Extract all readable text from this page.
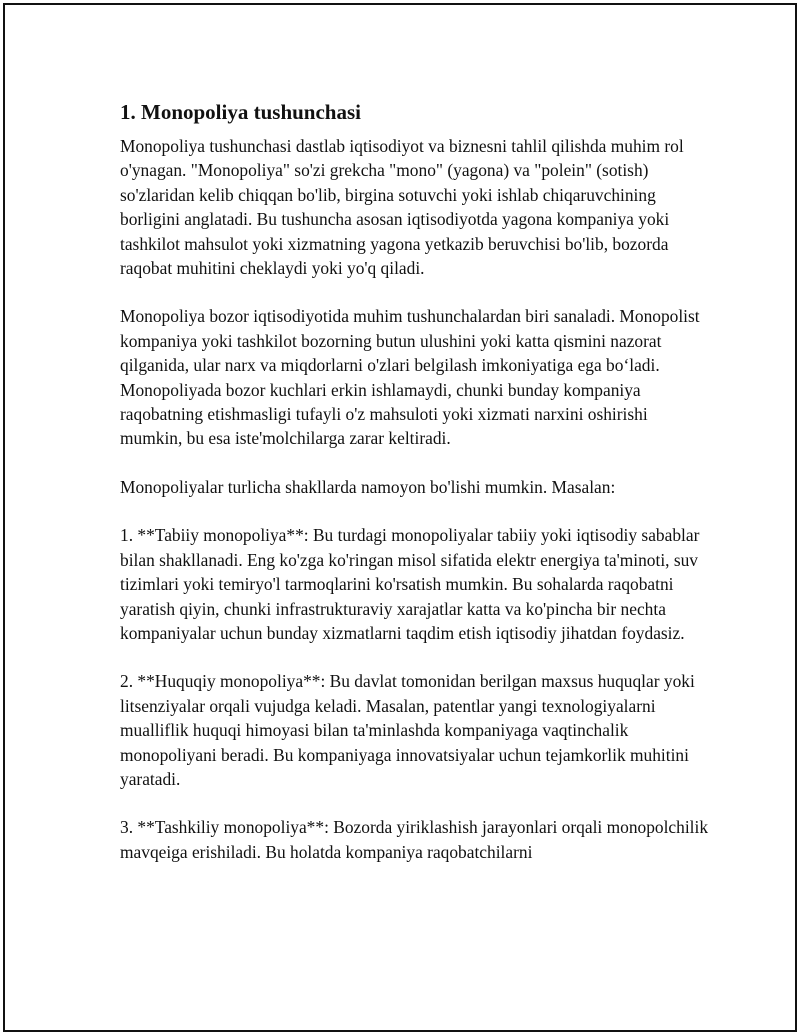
1. Monopoliya tushunchasi

Monopoliya tushunchasi dastlab iqtisodiyot va biznesni tahlil qilishda muhim rol o'ynagan. "Monopoliya" so'zi grekcha "mono" (yagona) va "polein" (sotish) so'zlaridan kelib chiqqan bo'lib, birgina sotuvchi yoki ishlab chiqaruvchining borligini anglatadi. Bu tushuncha asosan iqtisodiyotda yagona kompaniya yoki tashkilot mahsulot yoki xizmatning yagona yetkazib beruvchisi bo'lib, bozorda raqobat muhitini cheklaydi yoki yo'q qiladi.

Monopoliya bozor iqtisodiyotida muhim tushunchalardan biri sanaladi. Monopolist kompaniya yoki tashkilot bozorning butun ulushini yoki katta qismini nazorat qilganida, ular narx va miqdorlarni o'zlari belgilash imkoniyatiga ega bo‘ladi. Monopoliyada bozor kuchlari erkin ishlamaydi, chunki bunday kompaniya raqobatning etishmasligi tufayli o'z mahsuloti yoki xizmati narxini oshirishi mumkin, bu esa iste'molchilarga zarar keltiradi.

Monopoliyalar turlicha shakllarda namoyon bo'lishi mumkin. Masalan:

1. **Tabiiy monopoliya**: Bu turdagi monopoliyalar tabiiy yoki iqtisodiy sabablar bilan shakllanadi. Eng ko'zga ko'ringan misol sifatida elektr energiya ta'minoti, suv tizimlari yoki temiryo'l tarmoqlarini ko'rsatish mumkin. Bu sohalarda raqobatni yaratish qiyin, chunki infrastrukturaviy xarajatlar katta va ko'pincha bir nechta kompaniyalar uchun bunday xizmatlarni taqdim etish iqtisodiy jihatdan foydasiz.

2. **Huquqiy monopoliya**: Bu davlat tomonidan berilgan maxsus huquqlar yoki litsenziyalar orqali vujudga keladi. Masalan, patentlar yangi texnologiyalarni mualliflik huquqi himoyasi bilan ta'minlashda kompaniyaga vaqtinchalik monopoliyani beradi. Bu kompaniyaga innovatsiyalar uchun tejamkorlik muhitini yaratadi.

3. **Tashkiliy monopoliya**: Bozorda yiriklashish jarayonlari orqali monopolchilik mavqeiga erishiladi. Bu holatda kompaniya raqobatchilarni
